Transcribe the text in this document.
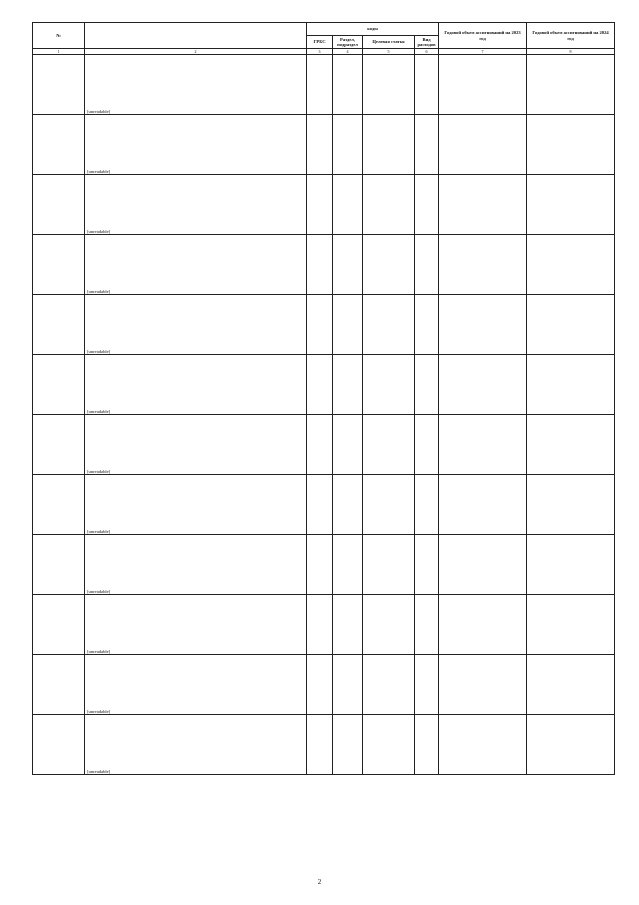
№		коды				Годовой объем ассигнований на 2023 год	Годовой объем ассигнований на 2024 год
		ГРБС	Раздел, подраздел	Целевая статья	Вид расходов		
1	2	3	4	5	6	7	8
	[unreadable]						
	[unreadable]						
	[unreadable]						
	[unreadable]						
	[unreadable]						
	[unreadable]						
	[unreadable]						
	[unreadable]						
	[unreadable]						
	[unreadable]						
	[unreadable]						
	[unreadable]						
2
